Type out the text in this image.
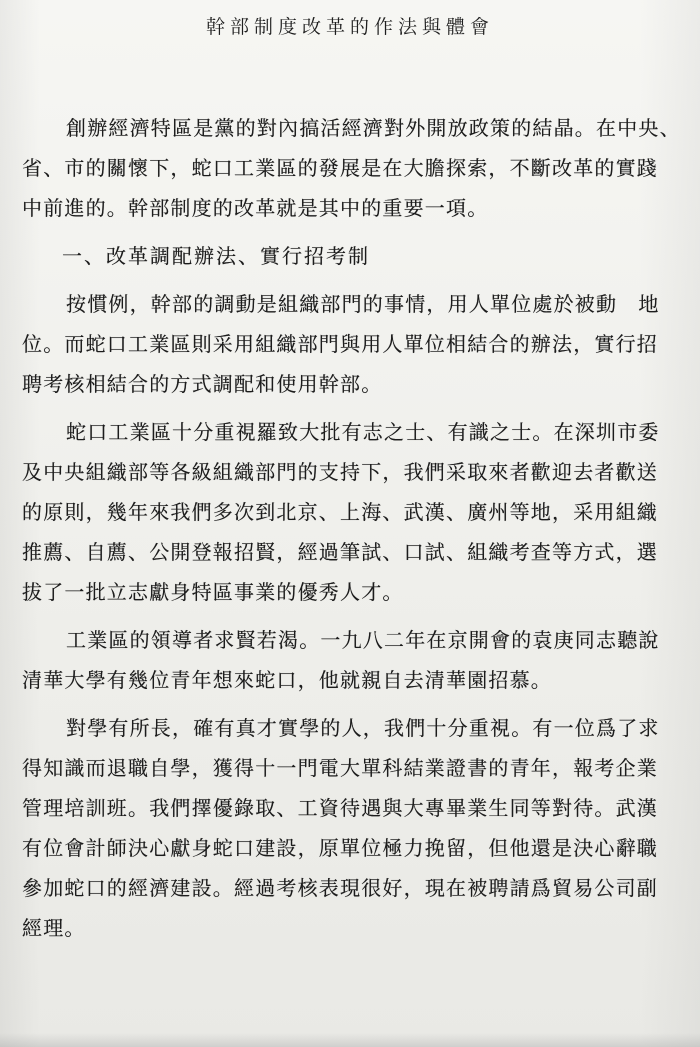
幹部制度改革的作法與體會
創辦經濟特區是黨的對內搞活經濟對外開放政策的結晶。在中央、
省、市的關懷下，蛇口工業區的發展是在大膽探索，不斷改革的實踐
中前進的。幹部制度的改革就是其中的重要一項。
一、改革調配辦法、實行招考制
按慣例，幹部的調動是組織部門的事情，用人單位處於被動　地
位。而蛇口工業區則采用組織部門與用人單位相結合的辦法，實行招
聘考核相結合的方式調配和使用幹部。
蛇口工業區十分重視羅致大批有志之士、有識之士。在深圳市委
及中央組織部等各級組織部門的支持下，我們采取來者歡迎去者歡送
的原則，幾年來我們多次到北京、上海、武漢、廣州等地，采用組織
推薦、自薦、公開登報招賢，經過筆試、口試、組織考查等方式，選
拔了一批立志獻身特區事業的優秀人才。
工業區的領導者求賢若渴。一九八二年在京開會的袁庚同志聽說
清華大學有幾位青年想來蛇口，他就親自去清華園招慕。
對學有所長，確有真才實學的人，我們十分重視。有一位爲了求
得知識而退職自學，獲得十一門電大單科結業證書的青年，報考企業
管理培訓班。我們擇優錄取、工資待遇與大專畢業生同等對待。武漢
有位會計師決心獻身蛇口建設，原單位極力挽留，但他還是決心辭職
參加蛇口的經濟建設。經過考核表現很好，現在被聘請爲貿易公司副
經理。
